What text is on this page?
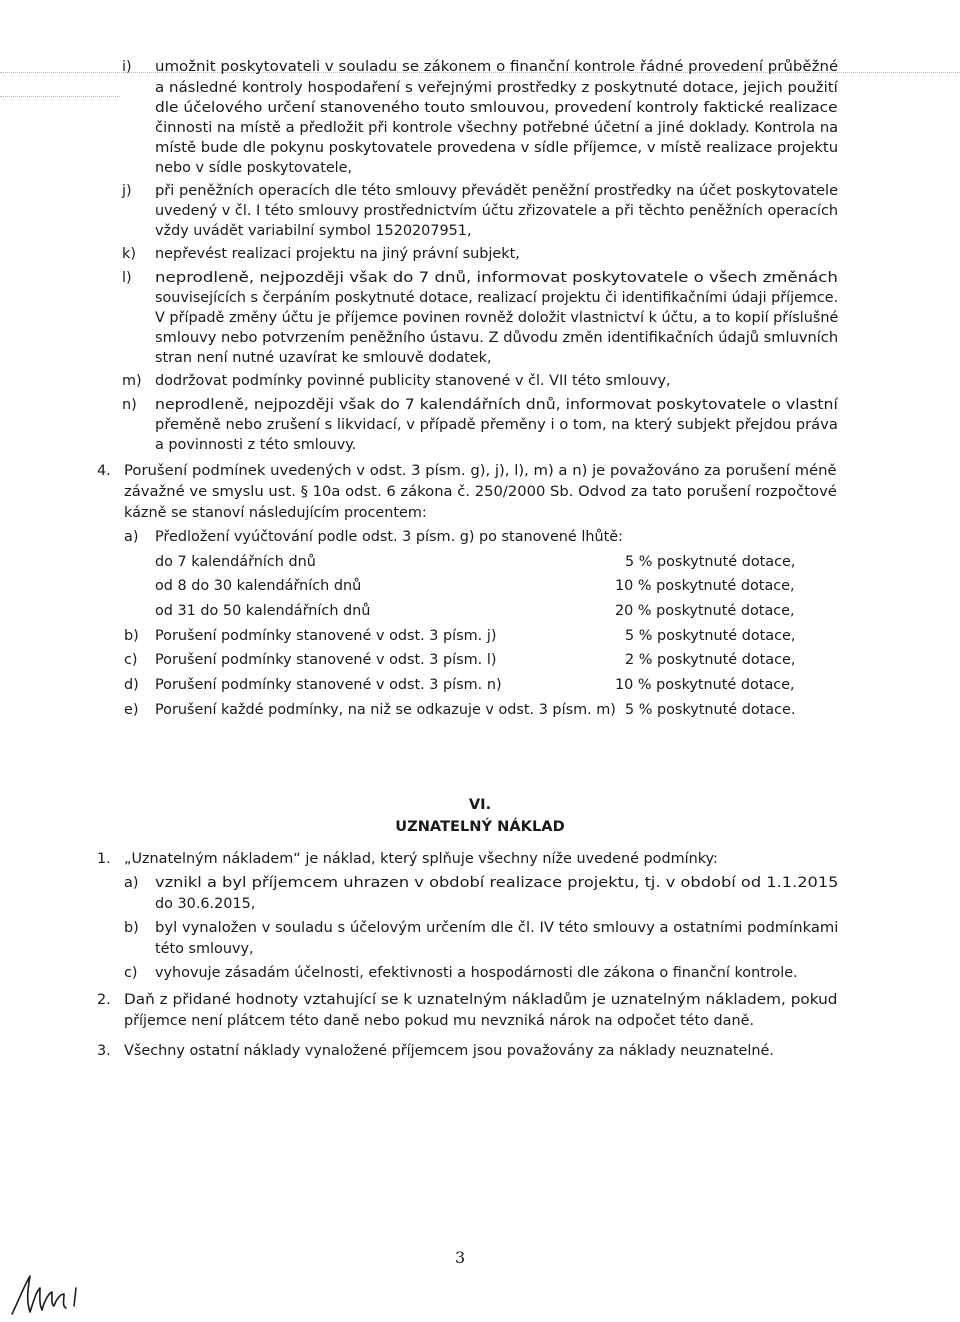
i) umožnit poskytovateli v souladu se zákonem o finanční kontrole řádné provedení průběžné
a následné kontroly hospodaření s veřejnými prostředky z poskytnuté dotace, jejich použití
dle účelového určení stanoveného touto smlouvou, provedení kontroly faktické realizace
činnosti na místě a předložit při kontrole všechny potřebné účetní a jiné doklady. Kontrola na
místě bude dle pokynu poskytovatele provedena v sídle příjemce, v místě realizace projektu
nebo v sídle poskytovatele,
j) při peněžních operacích dle této smlouvy převádět peněžní prostředky na účet poskytovatele
uvedený v čl. I této smlouvy prostřednictvím účtu zřizovatele a při těchto peněžních operacích
vždy uvádět variabilní symbol 1520207951,
k) nepřevést realizaci projektu na jiný právní subjekt,
l) neprodleně, nejpozději však do 7 dnů, informovat poskytovatele o všech změnách
souvisejících s čerpáním poskytnuté dotace, realizací projektu či identifikačními údaji příjemce.
V případě změny účtu je příjemce povinen rovněž doložit vlastnictví k účtu, a to kopií příslušné
smlouvy nebo potvrzením peněžního ústavu. Z důvodu změn identifikačních údajů smluvních
stran není nutné uzavírat ke smlouvě dodatek,
m) dodržovat podmínky povinné publicity stanovené v čl. VII této smlouvy,
n) neprodleně, nejpozději však do 7 kalendářních dnů, informovat poskytovatele o vlastní
přeměně nebo zrušení s likvidací, v případě přeměny i o tom, na který subjekt přejdou práva
a povinnosti z této smlouvy.
4. Porušení podmínek uvedených v odst. 3 písm. g), j), l), m) a n) je považováno za porušení méně
závažné ve smyslu ust. § 10a odst. 6 zákona č. 250/2000 Sb. Odvod za tato porušení rozpočtové
kázně se stanoví následujícím procentem:
a) Předložení vyúčtování podle odst. 3 písm. g) po stanovené lhůtě:
do 7 kalendářních dnů	5 % poskytnuté dotace,
od 8 do 30 kalendářních dnů	10 % poskytnuté dotace,
od 31 do 50 kalendářních dnů	20 % poskytnuté dotace,
b) Porušení podmínky stanovené v odst. 3 písm. j)	5 % poskytnuté dotace,
c) Porušení podmínky stanovené v odst. 3 písm. l)	2 % poskytnuté dotace,
d) Porušení podmínky stanovené v odst. 3 písm. n)	10 % poskytnuté dotace,
e) Porušení každé podmínky, na niž se odkazuje v odst. 3 písm. m) 5 % poskytnuté dotace.
VI.
UZNATELNÝ NÁKLAD
1. „Uznatelným nákladem“ je náklad, který splňuje všechny níže uvedené podmínky:
a) vznikl a byl příjemcem uhrazen v období realizace projektu, tj. v období od 1.1.2015
do 30.6.2015,
b) byl vynaložen v souladu s účelovým určením dle čl. IV této smlouvy a ostatními podmínkami
této smlouvy,
c) vyhovuje zásadám účelnosti, efektivnosti a hospodárnosti dle zákona o finanční kontrole.
2. Daň z přidané hodnoty vztahující se k uznatelným nákladům je uznatelným nákladem, pokud
příjemce není plátcem této daně nebo pokud mu nevzniká nárok na odpočet této daně.
3. Všechny ostatní náklady vynaložené příjemcem jsou považovány za náklady neuznatelné.
3
